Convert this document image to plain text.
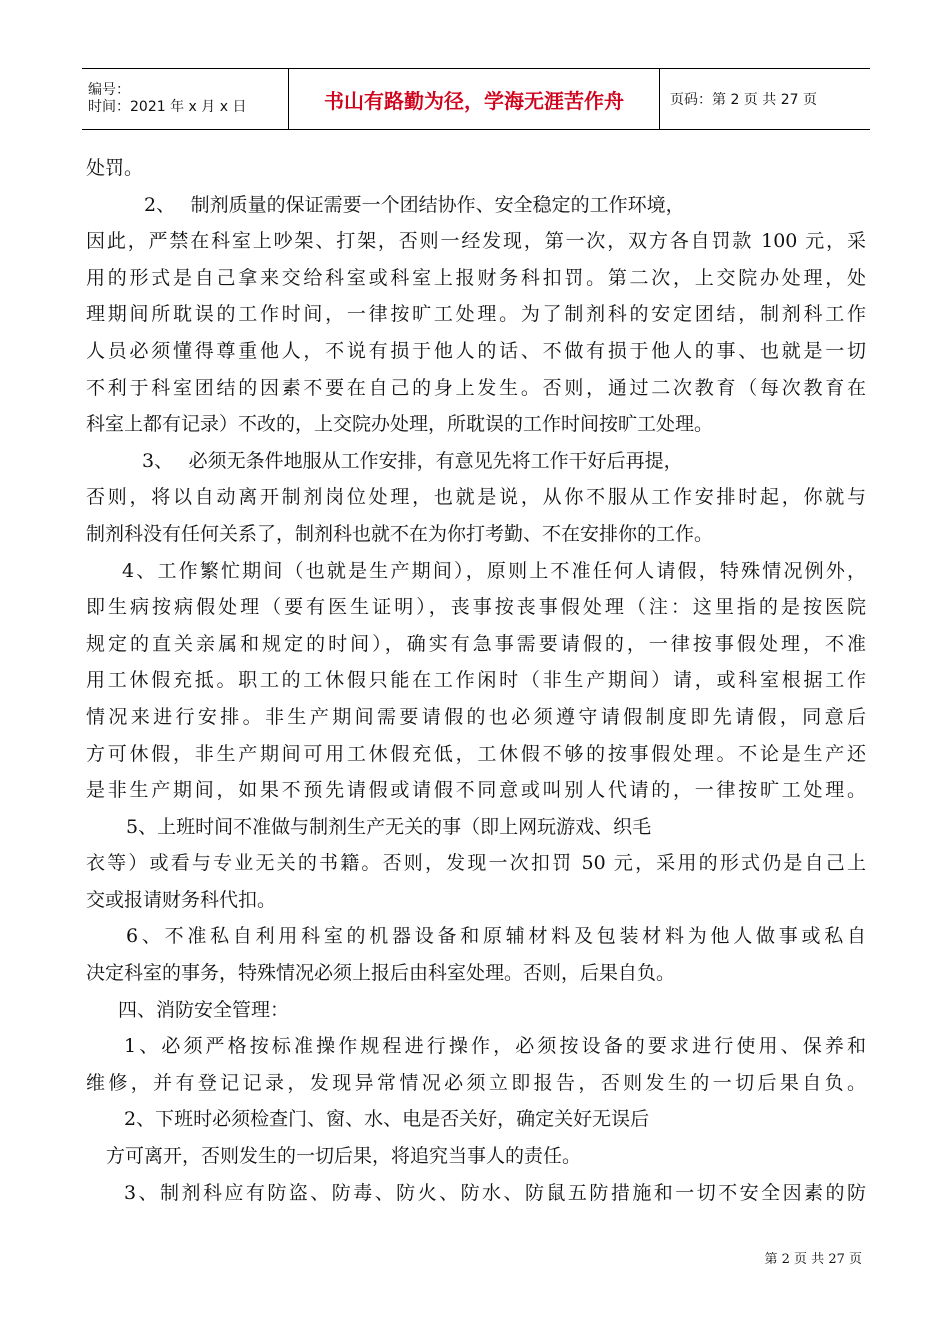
编号：
时间：2021 年 x 月 x 日	书山有路勤为径，学海无涯苦作舟	页码：第 2 页 共 27 页

处罚。

2、　 制剂质量的保证需要一个团结协作、安全稳定的工作环境，

因此，严禁在科室上吵架、打架，否则一经发现，第一次，双方各自罚款 100 元，采

用的形式是自己拿来交给科室或科室上报财务科扣罚。第二次，上交院办处理，处

理期间所耽误的工作时间，一律按旷工处理。为了制剂科的安定团结，制剂科工作

人员必须懂得尊重他人，不说有损于他人的话、不做有损于他人的事、也就是一切

不利于科室团结的因素不要在自己的身上发生。否则，通过二次教育（每次教育在

科室上都有记录）不改的，上交院办处理，所耽误的工作时间按旷工处理。

3、　 必须无条件地服从工作安排，有意见先将工作干好后再提，

否则，将以自动离开制剂岗位处理，也就是说，从你不服从工作安排时起，你就与

制剂科没有任何关系了，制剂科也就不在为你打考勤、不在安排你的工作。

4、工作繁忙期间（也就是生产期间），原则上不准任何人请假，特殊情况例外，

即生病按病假处理（要有医生证明），丧事按丧事假处理（注：这里指的是按医院

规定的直关亲属和规定的时间），确实有急事需要请假的，一律按事假处理，不准

用工休假充抵。职工的工休假只能在工作闲时（非生产期间）请，或科室根据工作

情况来进行安排。非生产期间需要请假的也必须遵守请假制度即先请假，同意后

方可休假，非生产期间可用工休假充低，工休假不够的按事假处理。不论是生产还

是非生产期间，如果不预先请假或请假不同意或叫别人代请的，一律按旷工处理。

5、上班时间不准做与制剂生产无关的事（即上网玩游戏、织毛

衣等）或看与专业无关的书籍。否则，发现一次扣罚 50 元，采用的形式仍是自己上

交或报请财务科代扣。

6、不准私自利用科室的机器设备和原辅材料及包装材料为他人做事或私自

决定科室的事务，特殊情况必须上报后由科室处理。否则，后果自负。

四、消防安全管理：

1、必须严格按标准操作规程进行操作，必须按设备的要求进行使用、保养和

维修，并有登记记录，发现异常情况必须立即报告，否则发生的一切后果自负。

2、下班时必须检查门、窗、水、电是否关好，确定关好无误后

方可离开，否则发生的一切后果，将追究当事人的责任。

3、制剂科应有防盗、防毒、防火、防水、防鼠五防措施和一切不安全因素的防

第 2 页 共 27 页
